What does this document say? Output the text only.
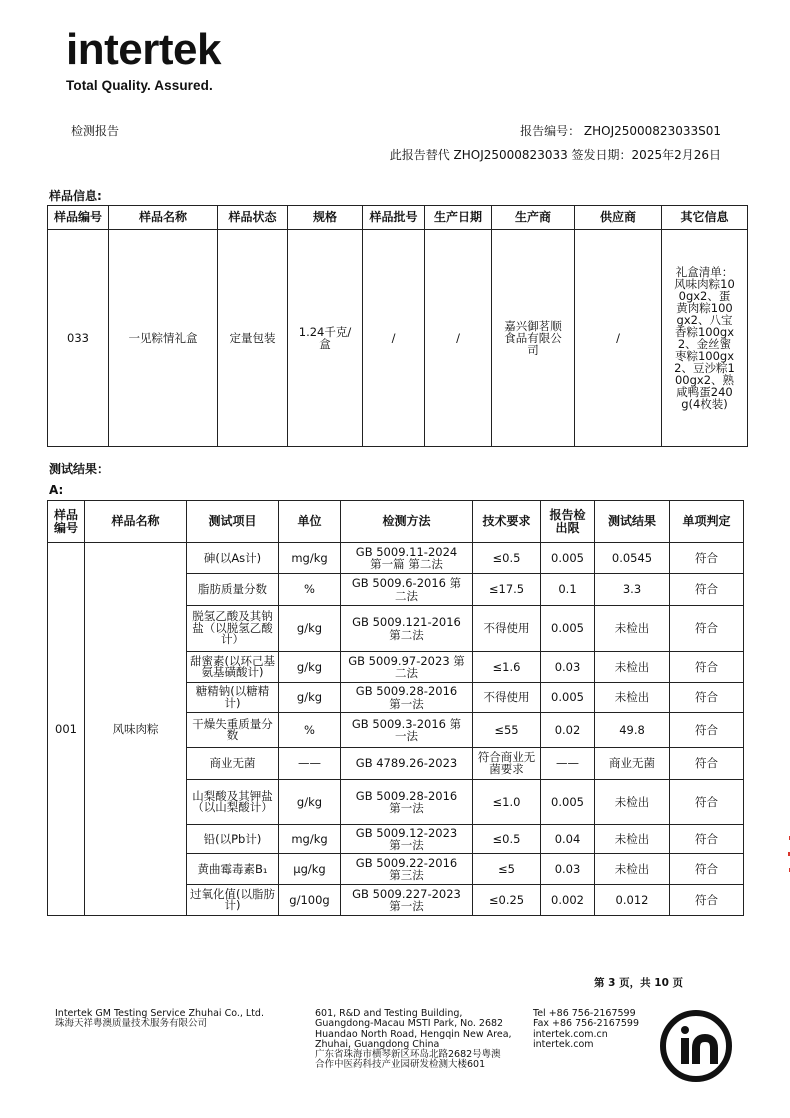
intertek
Total Quality. Assured.
检测报告	报告编号： ZHOJ25000823033S01
此报告替代 ZHOJ25000823033 签发日期：2025年2月26日
样品信息:
样品编号	样品名称	样品状态	规格	样品批号	生产日期	生产商	供应商	其它信息
033	一见粽情礼盒	定量包装	1.24千克/盒	/	/	嘉兴御茗顺食品有限公司	/	礼盒清单：风味肉粽100gx2、蛋黄肉粽100gx2、八宝香粽100gx2、金丝蜜枣粽100gx2、豆沙粽100gx2、熟咸鸭蛋240g(4枚装)
测试结果：
A:
样品编号	样品名称	测试项目	单位	检测方法	技术要求	报告检出限	测试结果	单项判定
001	风味肉粽	砷(以As计)	mg/kg	GB 5009.11-2024 第一篇 第二法	≤0.5	0.005	0.0545	符合
		脂肪质量分数	%	GB 5009.6-2016 第二法	≤17.5	0.1	3.3	符合
		脱氢乙酸及其钠盐（以脱氢乙酸计）	g/kg	GB 5009.121-2016 第二法	不得使用	0.005	未检出	符合
		甜蜜素(以环己基氨基磺酸计)	g/kg	GB 5009.97-2023 第二法	≤1.6	0.03	未检出	符合
		糖精钠(以糖精计)	g/kg	GB 5009.28-2016 第一法	不得使用	0.005	未检出	符合
		干燥失重质量分数	%	GB 5009.3-2016 第一法	≤55	0.02	49.8	符合
		商业无菌	——	GB 4789.26-2023	符合商业无菌要求	——	商业无菌	符合
		山梨酸及其钾盐（以山梨酸计）	g/kg	GB 5009.28-2016 第一法	≤1.0	0.005	未检出	符合
		铅(以Pb计)	mg/kg	GB 5009.12-2023 第一法	≤0.5	0.04	未检出	符合
		黄曲霉毒素B₁	μg/kg	GB 5009.22-2016 第三法	≤5	0.03	未检出	符合
		过氧化值(以脂肪计)	g/100g	GB 5009.227-2023 第一法	≤0.25	0.002	0.012	符合
第 3 页，共 10 页
Intertek GM Testing Service Zhuhai Co., Ltd.
珠海天祥粤澳质量技术服务有限公司
601, R&D and Testing Building,
Guangdong-Macau MSTI Park, No. 2682
Huandao North Road, Hengqin New Area,
Zhuhai, Guangdong China
广东省珠海市横琴新区环岛北路2682号粤澳
合作中医药科技产业园研发检测大楼601
Tel +86 756-2167599
Fax +86 756-2167599
intertek.com.cn
intertek.com
